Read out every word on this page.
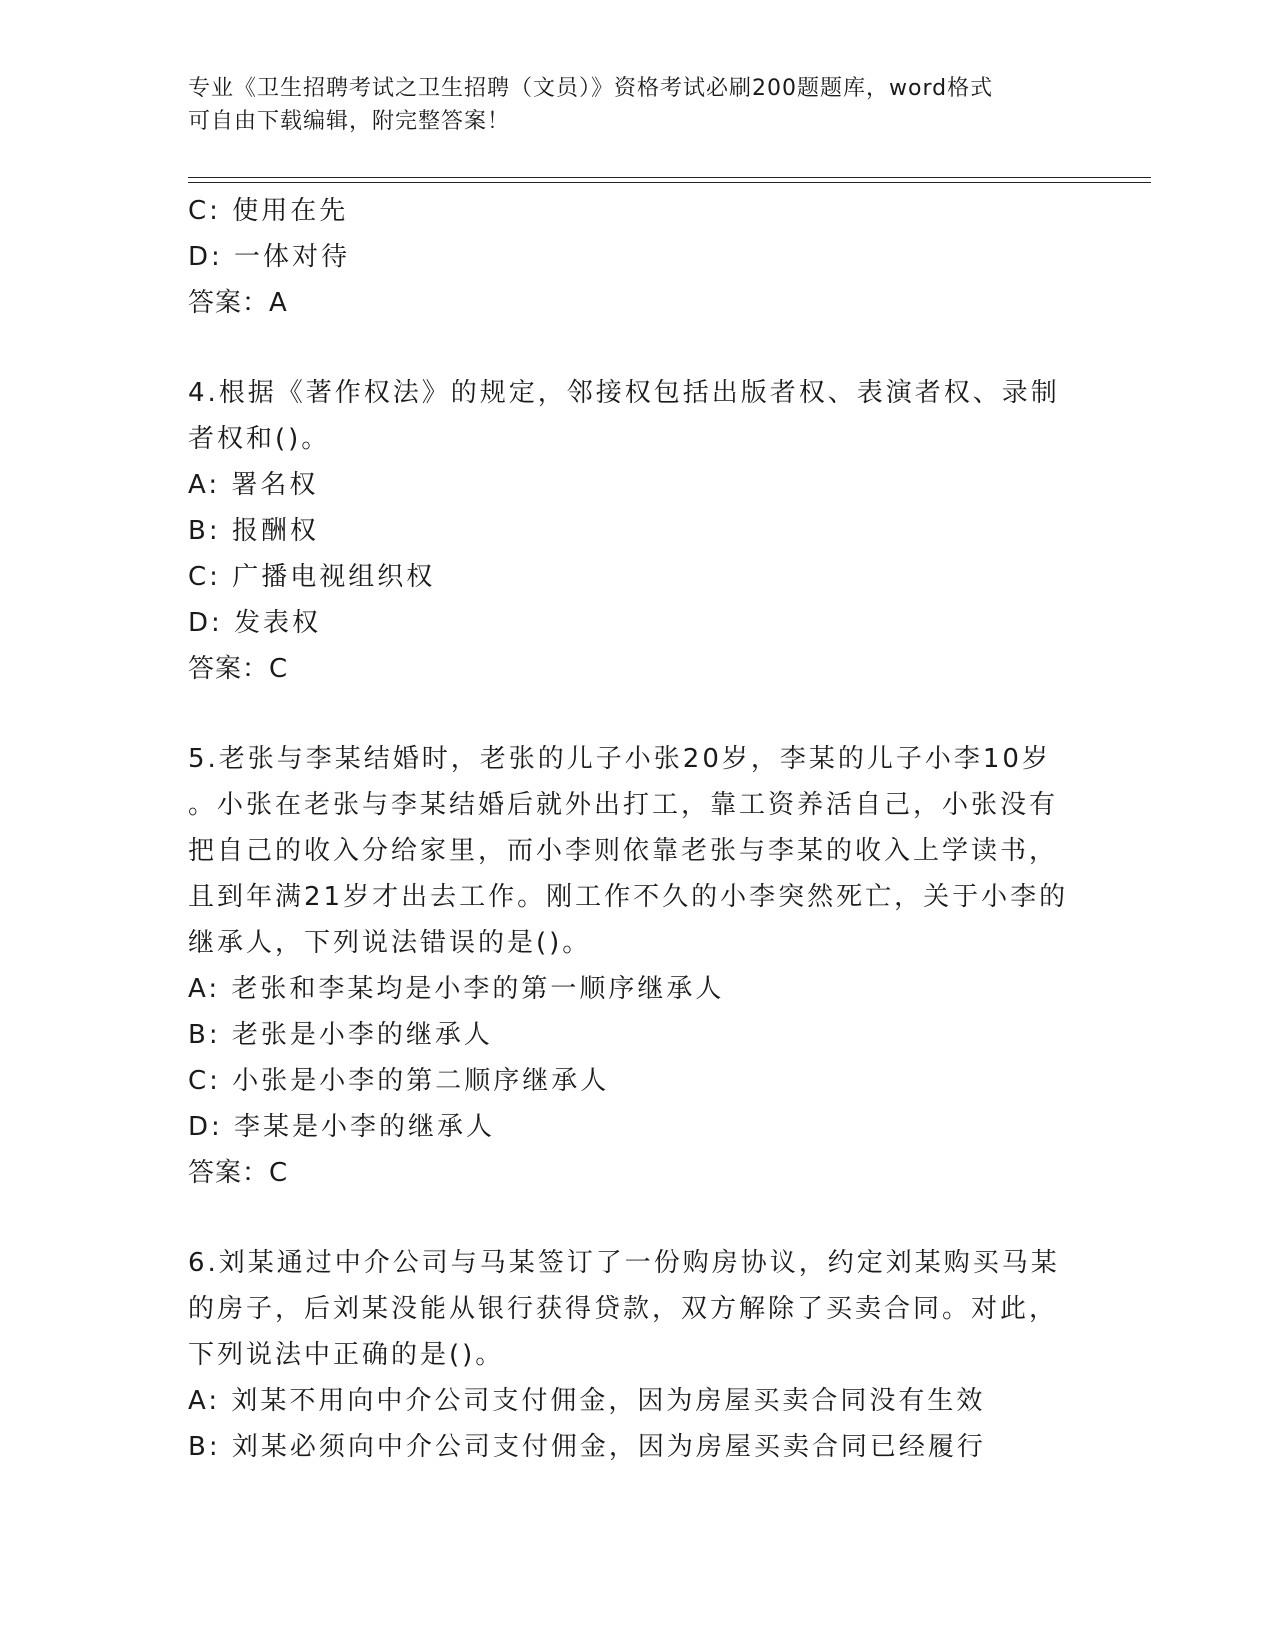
专业《卫生招聘考试之卫生招聘（文员）》资格考试必刷200题题库，word格式
可自由下载编辑，附完整答案！
C: 使用在先
D: 一体对待
答案：A
4.根据《著作权法》的规定，邻接权包括出版者权、表演者权、录制
者权和()。
A: 署名权
B: 报酬权
C: 广播电视组织权
D: 发表权
答案：C
5.老张与李某结婚时，老张的儿子小张20岁，李某的儿子小李10岁
。小张在老张与李某结婚后就外出打工，靠工资养活自己，小张没有
把自己的收入分给家里，而小李则依靠老张与李某的收入上学读书，
且到年满21岁才出去工作。刚工作不久的小李突然死亡，关于小李的
继承人，下列说法错误的是()。
A: 老张和李某均是小李的第一顺序继承人
B: 老张是小李的继承人
C: 小张是小李的第二顺序继承人
D: 李某是小李的继承人
答案：C
6.刘某通过中介公司与马某签订了一份购房协议，约定刘某购买马某
的房子，后刘某没能从银行获得贷款，双方解除了买卖合同。对此，
下列说法中正确的是()。
A: 刘某不用向中介公司支付佣金，因为房屋买卖合同没有生效
B: 刘某必须向中介公司支付佣金，因为房屋买卖合同已经履行
